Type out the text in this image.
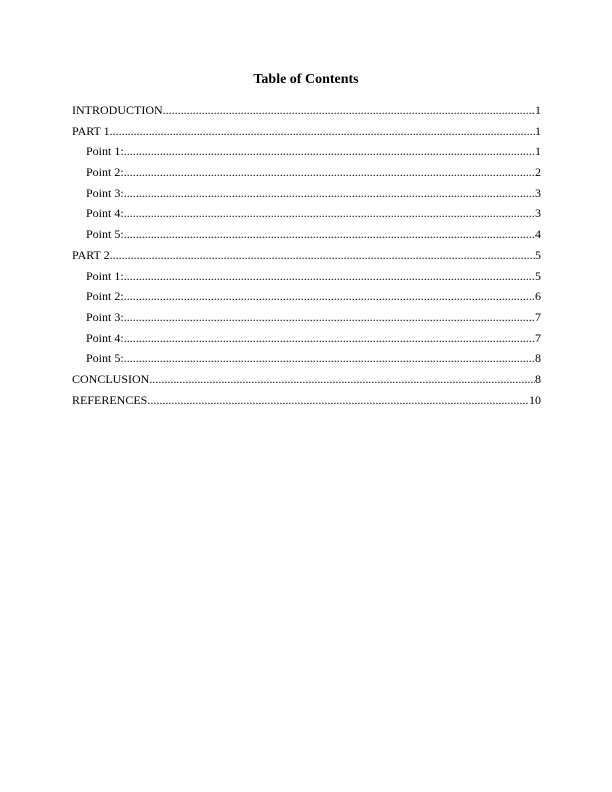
Table of Contents
INTRODUCTION .....	1
PART 1 .....	1
Point 1: .....	1
Point 2: .....	2
Point 3: .....	3
Point 4: .....	3
Point 5: .....	4
PART 2 .....	5
Point 1: .....	5
Point 2: .....	6
Point 3: .....	7
Point 4: .....	7
Point 5: .....	8
CONCLUSION .....	8
REFERENCES .....	10
